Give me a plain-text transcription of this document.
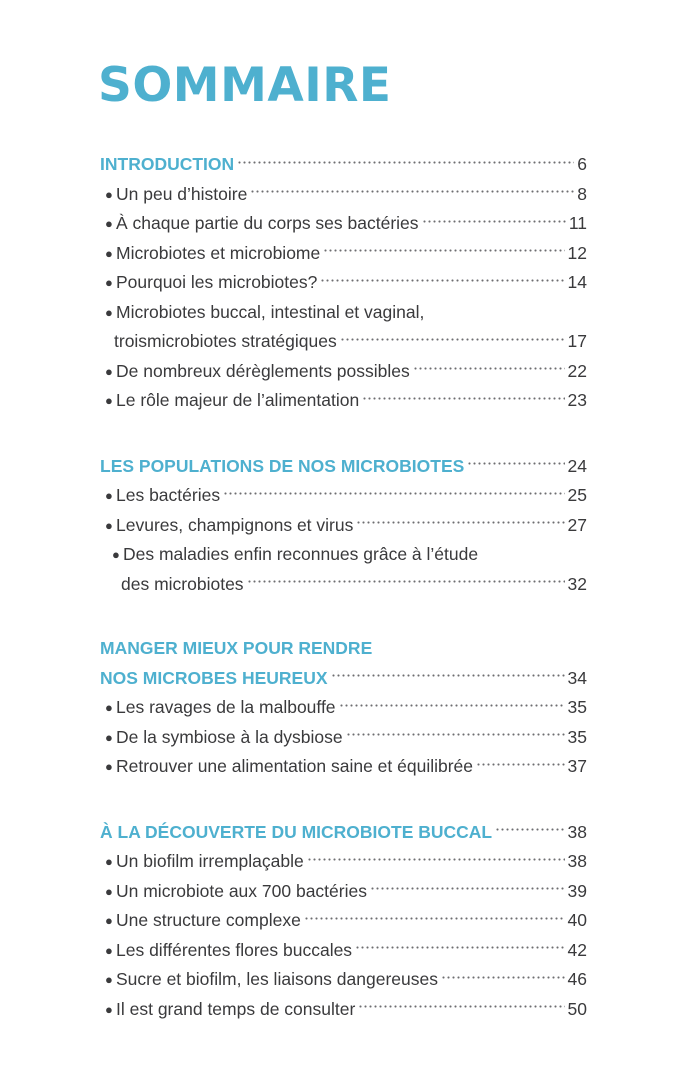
SOMMAIRE
INTRODUCTION	6
● Un peu d’histoire	8
● À chaque partie du corps ses bactéries	11
● Microbiotes et microbiome	12
● Pourquoi les microbiotes?	14
● Microbiotes buccal, intestinal et vaginal,
troismicrobiotes stratégiques	17
● De nombreux dérèglements possibles	22
● Le rôle majeur de l’alimentation	23
LES POPULATIONS DE NOS MICROBIOTES	24
● Les bactéries	25
● Levures, champignons et virus	27
● Des maladies enfin reconnues grâce à l’étude
des microbiotes	32
MANGER MIEUX POUR RENDRE
NOS MICROBES HEUREUX	34
● Les ravages de la malbouffe	35
● De la symbiose à la dysbiose	35
● Retrouver une alimentation saine et équilibrée	37
À LA DÉCOUVERTE DU MICROBIOTE BUCCAL	38
● Un biofilm irremplaçable	38
● Un microbiote aux 700 bactéries	39
● Une structure complexe	40
● Les différentes flores buccales	42
● Sucre et biofilm, les liaisons dangereuses	46
● Il est grand temps de consulter	50
